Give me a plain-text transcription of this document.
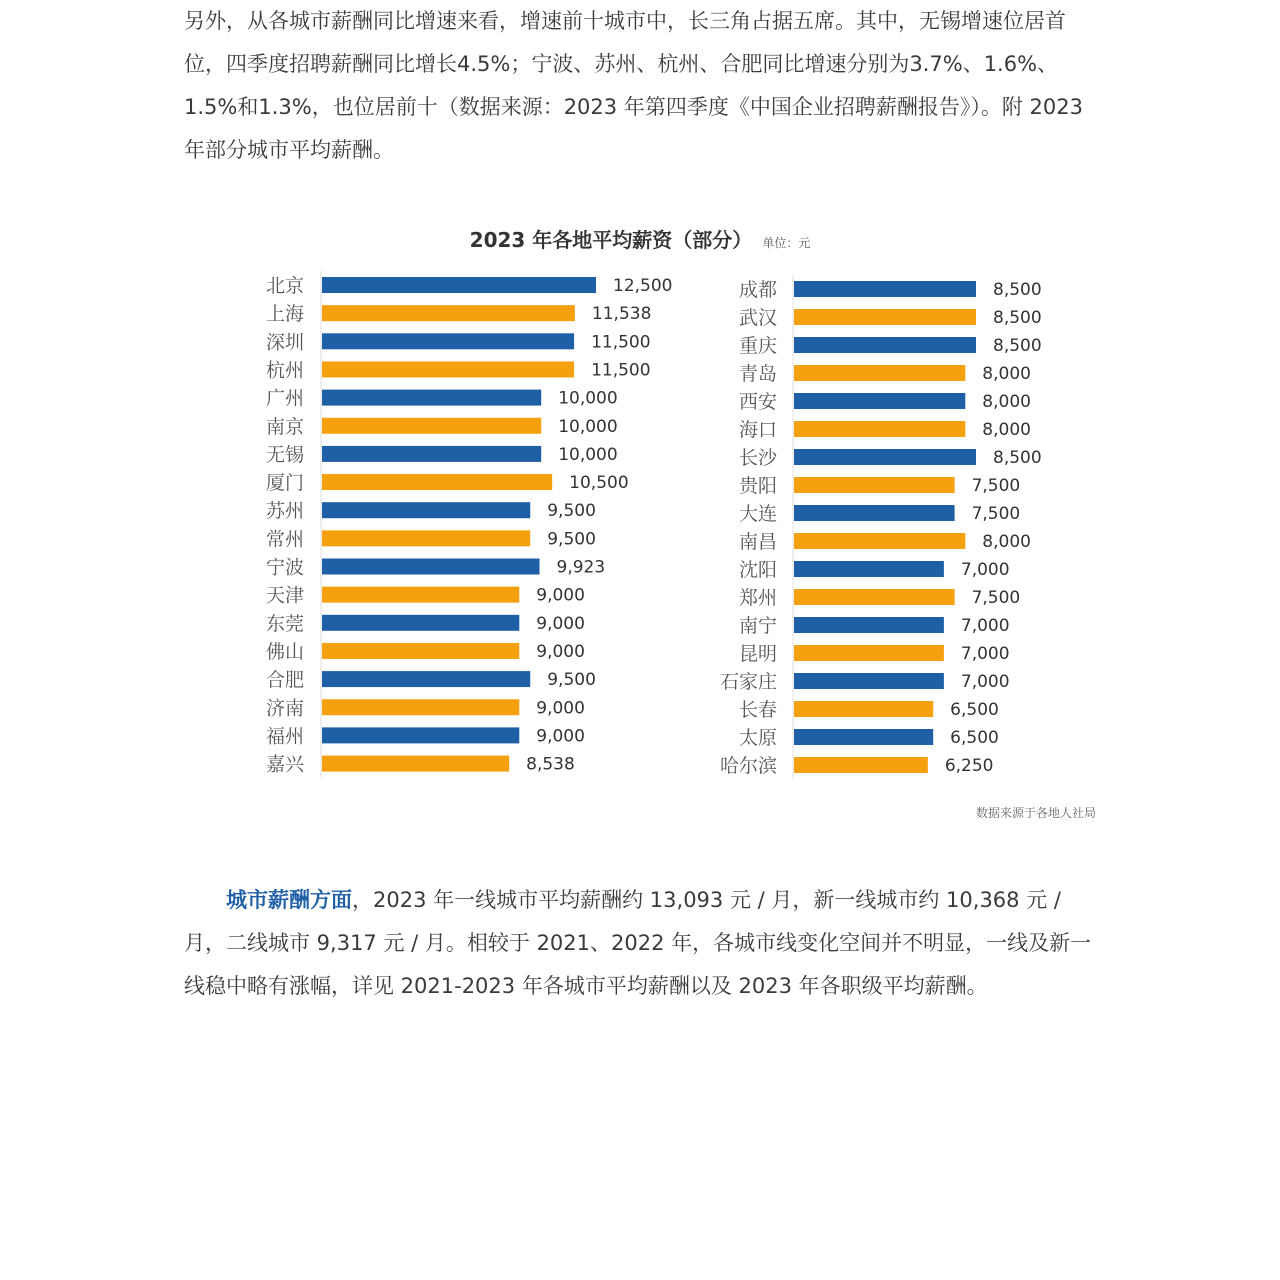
另外，从各城市薪酬同比增速来看，增速前十城市中，长三角占据五席。其中，无锡增速位居首位，四季度招聘薪酬同比增长4.5%；宁波、苏州、杭州、合肥同比增速分别为3.7%、1.6%、1.5%和1.3%，也位居前十（数据来源：2023 年第四季度《中国企业招聘薪酬报告》）。附 2023 年部分城市平均薪酬。

2023 年各地平均薪资（部分） 单位：元
北京	12,500
上海	11,538
深圳	11,500
杭州	11,500
广州	10,000
南京	10,000
无锡	10,000
厦门	10,500
苏州	9,500
常州	9,500
宁波	9,923
天津	9,000
东莞	9,000
佛山	9,000
合肥	9,500
济南	9,000
福州	9,000
嘉兴	8,538
成都	8,500
武汉	8,500
重庆	8,500
青岛	8,000
西安	8,000
海口	8,000
长沙	8,500
贵阳	7,500
大连	7,500
南昌	8,000
沈阳	7,000
郑州	7,500
南宁	7,000
昆明	7,000
石家庄	7,000
长春	6,500
太原	6,500
哈尔滨	6,250
数据来源于各地人社局

城市薪酬方面，2023 年一线城市平均薪酬约 13,093 元 / 月，新一线城市约 10,368 元 / 月，二线城市 9,317 元 / 月。相较于 2021、2022 年，各城市线变化空间并不明显，一线及新一线稳中略有涨幅，详见 2021-2023 年各城市平均薪酬以及 2023 年各职级平均薪酬。
